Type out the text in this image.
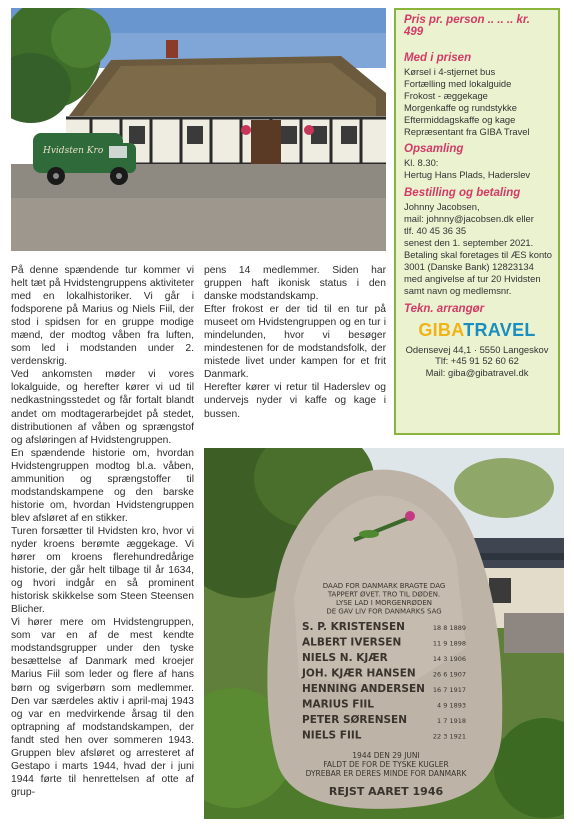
Hvidsten Kro
Pris pr. person .. .. .. kr. 499
Med i prisen
Kørsel i 4-stjernet bus
Fortælling med lokalguide
Frokost - æggekage
Morgenkaffe og rundstykke
Eftermiddagskaffe og kage
Repræsentant fra GIBA Travel
Opsamling
Kl. 8.30:
Hertug Hans Plads, Haderslev
Bestilling og betaling
Johnny Jacobsen,
mail: johnny@jacobsen.dk eller
tlf. 40 45 36 35
senest den 1. september 2021.
Betaling skal foretages til ÆS konto
3001 (Danske Bank) 12823134
med angivelse af tur 20 Hvidsten
samt navn og medlemsnr.
Tekn. arrangør
GIBATRAVEL
Odensevej 44,1 · 5550 Langeskov
Tlf: +45 91 52 60 62
Mail: giba@gibatravel.dk

På denne spændende tur kommer vi helt tæt på Hvidstengruppens aktiviteter med en lokalhistoriker. Vi går i fodsporene på Marius og Niels Fiil, der stod i spidsen for en gruppe modige mænd, der modtog våben fra luften, som led i modstanden under 2. verdenskrig.

Ved ankomsten møder vi vores lokalguide, og herefter kører vi ud til nedkastningsstedet og får fortalt blandt andet om modtagerarbejdet på stedet, distributionen af våben og sprængstof og afsløringen af Hvidstengruppen.

En spændende historie om, hvordan Hvidstengruppen modtog bl.a. våben, ammunition og sprængstoffer til modstandskampene og den barske historie om, hvordan Hvidstengruppen blev afsløret af en stikker.

Turen forsætter til Hvidsten kro, hvor vi nyder kroens berømte æggekage. Vi hører om kroens flerehundredårige historie, der går helt tilbage til år 1634, og hvori indgår en så prominent historisk skikkelse som Steen Steensen Blicher.

Vi hører mere om Hvidstengruppen, som var en af de mest kendte modstandsgrupper under den tyske besættelse af Danmark med kroejer Marius Fiil som leder og flere af hans børn og svigerbørn som medlemmer. Den var særdeles aktiv i april-maj 1943 og var en medvirkende årsag til den optrapning af modstandskampen, der fandt sted hen over sommeren 1943. Gruppen blev afsløret og arresteret af Gestapo i marts 1944, hvad der i juni 1944 førte til henrettelsen af otte af grup-

pens 14 medlemmer. Siden har gruppen haft ikonisk status i den danske modstandskamp.

Efter frokost er der tid til en tur på museet om Hvidstengruppen og en tur i mindelunden, hvor vi besøger mindestenen for de modstandsfolk, der mistede livet under kampen for et frit Danmark.

Herefter kører vi retur til Haderslev og undervejs nyder vi kaffe og kage i bussen.

DAAD FOR DANMARK BRAGTE DAG
TAPPERT ØVET. TRO TIL DØDEN.
LYSE LAD I MORGENRØDEN
DE GAV LIV FOR DANMARKS SAG
S. P. KRISTENSEN	18 8 1889
ALBERT IVERSEN	11 9 1898
NIELS N. KJÆR	14 3 1906
JOH. KJÆR HANSEN	26 6 1907
HENNING ANDERSEN 16 7 1917
MARIUS FIIL	4 9 1893
PETER SØRENSEN	1 7 1918
NIELS FIIL	22 3 1921
1944 DEN 29 JUNI
FALDT DE FOR DE TYSKE KUGLER
DYREBAR ER DERES MINDE FOR DANMARK
REJST AARET 1946
